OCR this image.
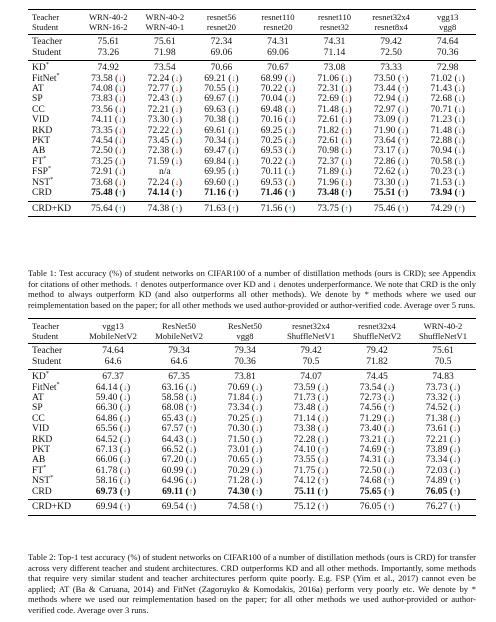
Teacher	WRN-40-2	WRN-40-2	resnet56	resnet110	resnet110	resnet32x4	vgg13
Student	WRN-16-2	WRN-40-1	resnet20	resnet20	resnet32	resnet8x4	vgg8
Teacher	75.61	75.61	72.34	74.31	74.31	79.42	74.64
Student	73.26	71.98	69.06	69.06	71.14	72.50	70.36
KD*	74.92	73.54	70.66	70.67	73.08	73.33	72.98
FitNet*	73.58 (↓)	72.24 (↓)	69.21 (↓)	68.99 (↓)	71.06 (↓)	73.50 (↑)	71.02 (↓)
AT	74.08 (↓)	72.77 (↓)	70.55 (↓)	70.22 (↓)	72.31 (↓)	73.44 (↑)	71.43 (↓)
SP	73.83 (↓)	72.43 (↓)	69.67 (↓)	70.04 (↓)	72.69 (↓)	72.94 (↓)	72.68 (↓)
CC	73.56 (↓)	72.21 (↓)	69.63 (↓)	69.48 (↓)	71.48 (↓)	72.97 (↓)	70.71 (↓)
VID	74.11 (↓)	73.30 (↓)	70.38 (↓)	70.16 (↓)	72.61 (↓)	73.09 (↓)	71.23 (↓)
RKD	73.35 (↓)	72.22 (↓)	69.61 (↓)	69.25 (↓)	71.82 (↓)	71.90 (↓)	71.48 (↓)
PKT	74.54 (↓)	73.45 (↓)	70.34 (↓)	70.25 (↓)	72.61 (↓)	73.64 (↑)	72.88 (↓)
AB	72.50 (↓)	72.38 (↓)	69.47 (↓)	69.53 (↓)	70.98 (↓)	73.17 (↓)	70.94 (↓)
FT*	73.25 (↓)	71.59 (↓)	69.84 (↓)	70.22 (↓)	72.37 (↓)	72.86 (↓)	70.58 (↓)
FSP*	72.91 (↓)	n/a	69.95 (↓)	70.11 (↓)	71.89 (↓)	72.62 (↓)	70.23 (↓)
NST*	73.68 (↓)	72.24 (↓)	69.60 (↓)	69.53 (↓)	71.96 (↓)	73.30 (↓)	71.53 (↓)
CRD	75.48 (↑)	74.14 (↑)	71.16 (↑)	71.46 (↑)	73.48 (↑)	75.51 (↑)	73.94 (↑)
CRD+KD	75.64 (↑)	74.38 (↑)	71.63 (↑)	71.56 (↑)	73.75 (↑)	75.46 (↑)	74.29 (↑)
Table 1: Test accuracy (%) of student networks on CIFAR100 of a number of distillation methods (ours is CRD); see Appendix for citations of other methods. ↑ denotes outperformance over KD and ↓ denotes underperformance. We note that CRD is the only method to always outperform KD (and also outperforms all other methods). We denote by * methods where we used our reimplementation based on the paper; for all other methods we used author-provided or author-verified code. Average over 5 runs.
Teacher	vgg13	ResNet50	ResNet50	resnet32x4	resnet32x4	WRN-40-2
Student	MobileNetV2	MobileNetV2	vgg8	ShuffleNetV1	ShuffleNetV2	ShuffleNetV1
Teacher	74.64	79.34	79.34	79.42	79.42	75.61
Student	64.6	64.6	70.36	70.5	71.82	70.5
KD*	67.37	67.35	73.81	74.07	74.45	74.83
FitNet*	64.14 (↓)	63.16 (↓)	70.69 (↓)	73.59 (↓)	73.54 (↓)	73.73 (↓)
AT	59.40 (↓)	58.58 (↓)	71.84 (↓)	71.73 (↓)	72.73 (↓)	73.32 (↓)
SP	66.30 (↓)	68.08 (↑)	73.34 (↓)	73.48 (↓)	74.56 (↑)	74.52 (↓)
CC	64.86 (↓)	65.43 (↓)	70.25 (↓)	71.14 (↓)	71.29 (↓)	71.38 (↓)
VID	65.56 (↓)	67.57 (↑)	70.30 (↓)	73.38 (↓)	73.40 (↓)	73.61 (↓)
RKD	64.52 (↓)	64.43 (↓)	71.50 (↓)	72.28 (↓)	73.21 (↓)	72.21 (↓)
PKT	67.13 (↓)	66.52 (↓)	73.01 (↓)	74.10 (↑)	74.69 (↑)	73.89 (↓)
AB	66.06 (↓)	67.20 (↓)	70.65 (↓)	73.55 (↓)	74.31 (↓)	73.34 (↓)
FT*	61.78 (↓)	60.99 (↓)	70.29 (↓)	71.75 (↓)	72.50 (↓)	72.03 (↓)
NST*	58.16 (↓)	64.96 (↓)	71.28 (↓)	74.12 (↑)	74.68 (↑)	74.89 (↑)
CRD	69.73 (↑)	69.11 (↑)	74.30 (↑)	75.11 (↑)	75.65 (↑)	76.05 (↑)
CRD+KD	69.94 (↑)	69.54 (↑)	74.58 (↑)	75.12 (↑)	76.05 (↑)	76.27 (↑)
Table 2: Top-1 test accuracy (%) of student networks on CIFAR100 of a number of distillation methods (ours is CRD) for transfer across very different teacher and student architectures. CRD outperforms KD and all other methods. Importantly, some methods that require very similar student and teacher architectures perform quite poorly. E.g. FSP (Yim et al., 2017) cannot even be applied; AT (Ba & Caruana, 2014) and FitNet (Zagoruyko & Komodakis, 2016a) perform very poorly etc. We denote by * methods where we used our reimplementation based on the paper; for all other methods we used author-provided or author-verified code. Average over 3 runs.
